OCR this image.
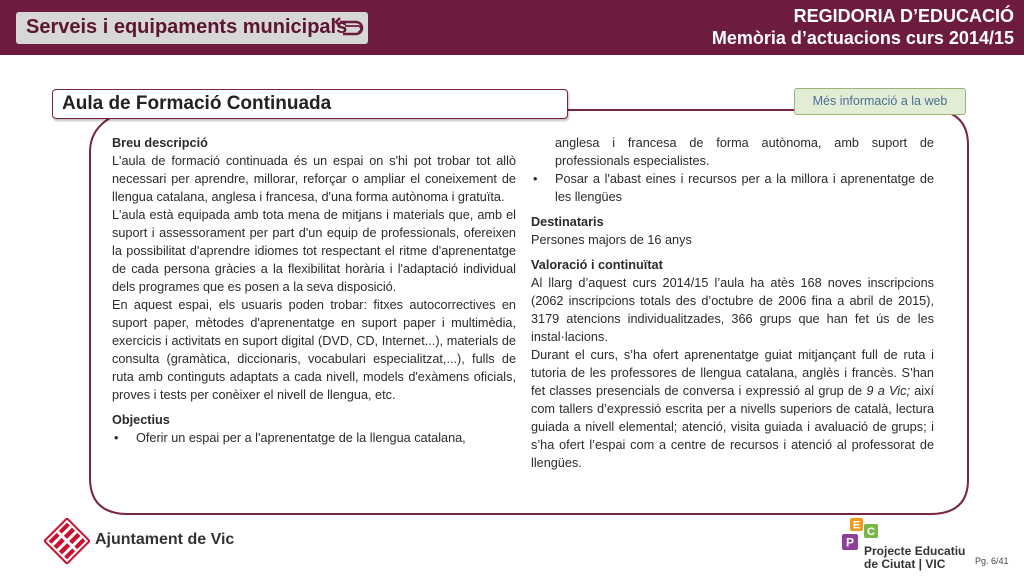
Serveis i equipaments municipals	REGIDORIA D’EDUCACIÓ
Memòria d’actuacions curs 2014/15
Aula de Formació Continuada	Més informació a la web
Breu descripció

L'aula de formació continuada és un espai on s'hi pot trobar tot allò necessari per aprendre, millorar, reforçar o ampliar el coneixement de llengua catalana, anglesa i francesa, d'una forma autònoma i gratuïta.

L'aula està equipada amb tota mena de mitjans i materials que, amb el suport i assessorament per part d'un equip de professionals, ofereixen la possibilitat d'aprendre idiomes tot respectant el ritme d'aprenentatge de cada persona gràcies a la flexibilitat horària i l'adaptació individual dels programes que es posen a la seva disposició.

En aquest espai, els usuaris poden trobar: fitxes autocorrectives en suport paper, mètodes d'aprenentatge en suport paper i multimèdia, exercicis i activitats en suport digital (DVD, CD, Internet...), materials de consulta (gramàtica, diccionaris, vocabulari especialitzat,...), fulls de ruta amb continguts adaptats a cada nivell, models d'exàmens oficials, proves i tests per conèixer el nivell de llengua, etc.

Objectius
• Oferir un espai per a l'aprenentatge de la llengua catalana,
anglesa i francesa de forma autònoma, amb suport de professionals especialistes.
• Posar a l'abast eines i recursos per a la millora i aprenentatge de les llengües
Destinataris

Persones majors de 16 anys

Valoració i continuïtat

Al llarg d’aquest curs 2014/15 l’aula ha atès 168 noves inscripcions (2062 inscripcions totals des d’octubre de 2006 fina a abril de 2015), 3179 atencions individualitzades, 366 grups que han fet ús de les instal·lacions.

Durant el curs, s’ha ofert aprenentatge guiat mitjançant full de ruta i tutoria de les professores de llengua catalana, anglès i francès. S’han fet classes presencials de conversa i expressió al grup de 9 a Vic; així com tallers d’expressió escrita per a nivells superiors de català, lectura guiada a nivell elemental; atenció, visita guiada i avaluació de grups; i s’ha ofert l’espai com a centre de recursos i atenció al professorat de llengües.

Ajuntament de Vic
E
C
P
Projecte Educatiu
de Ciutat | VIC	Pg. 6/41
